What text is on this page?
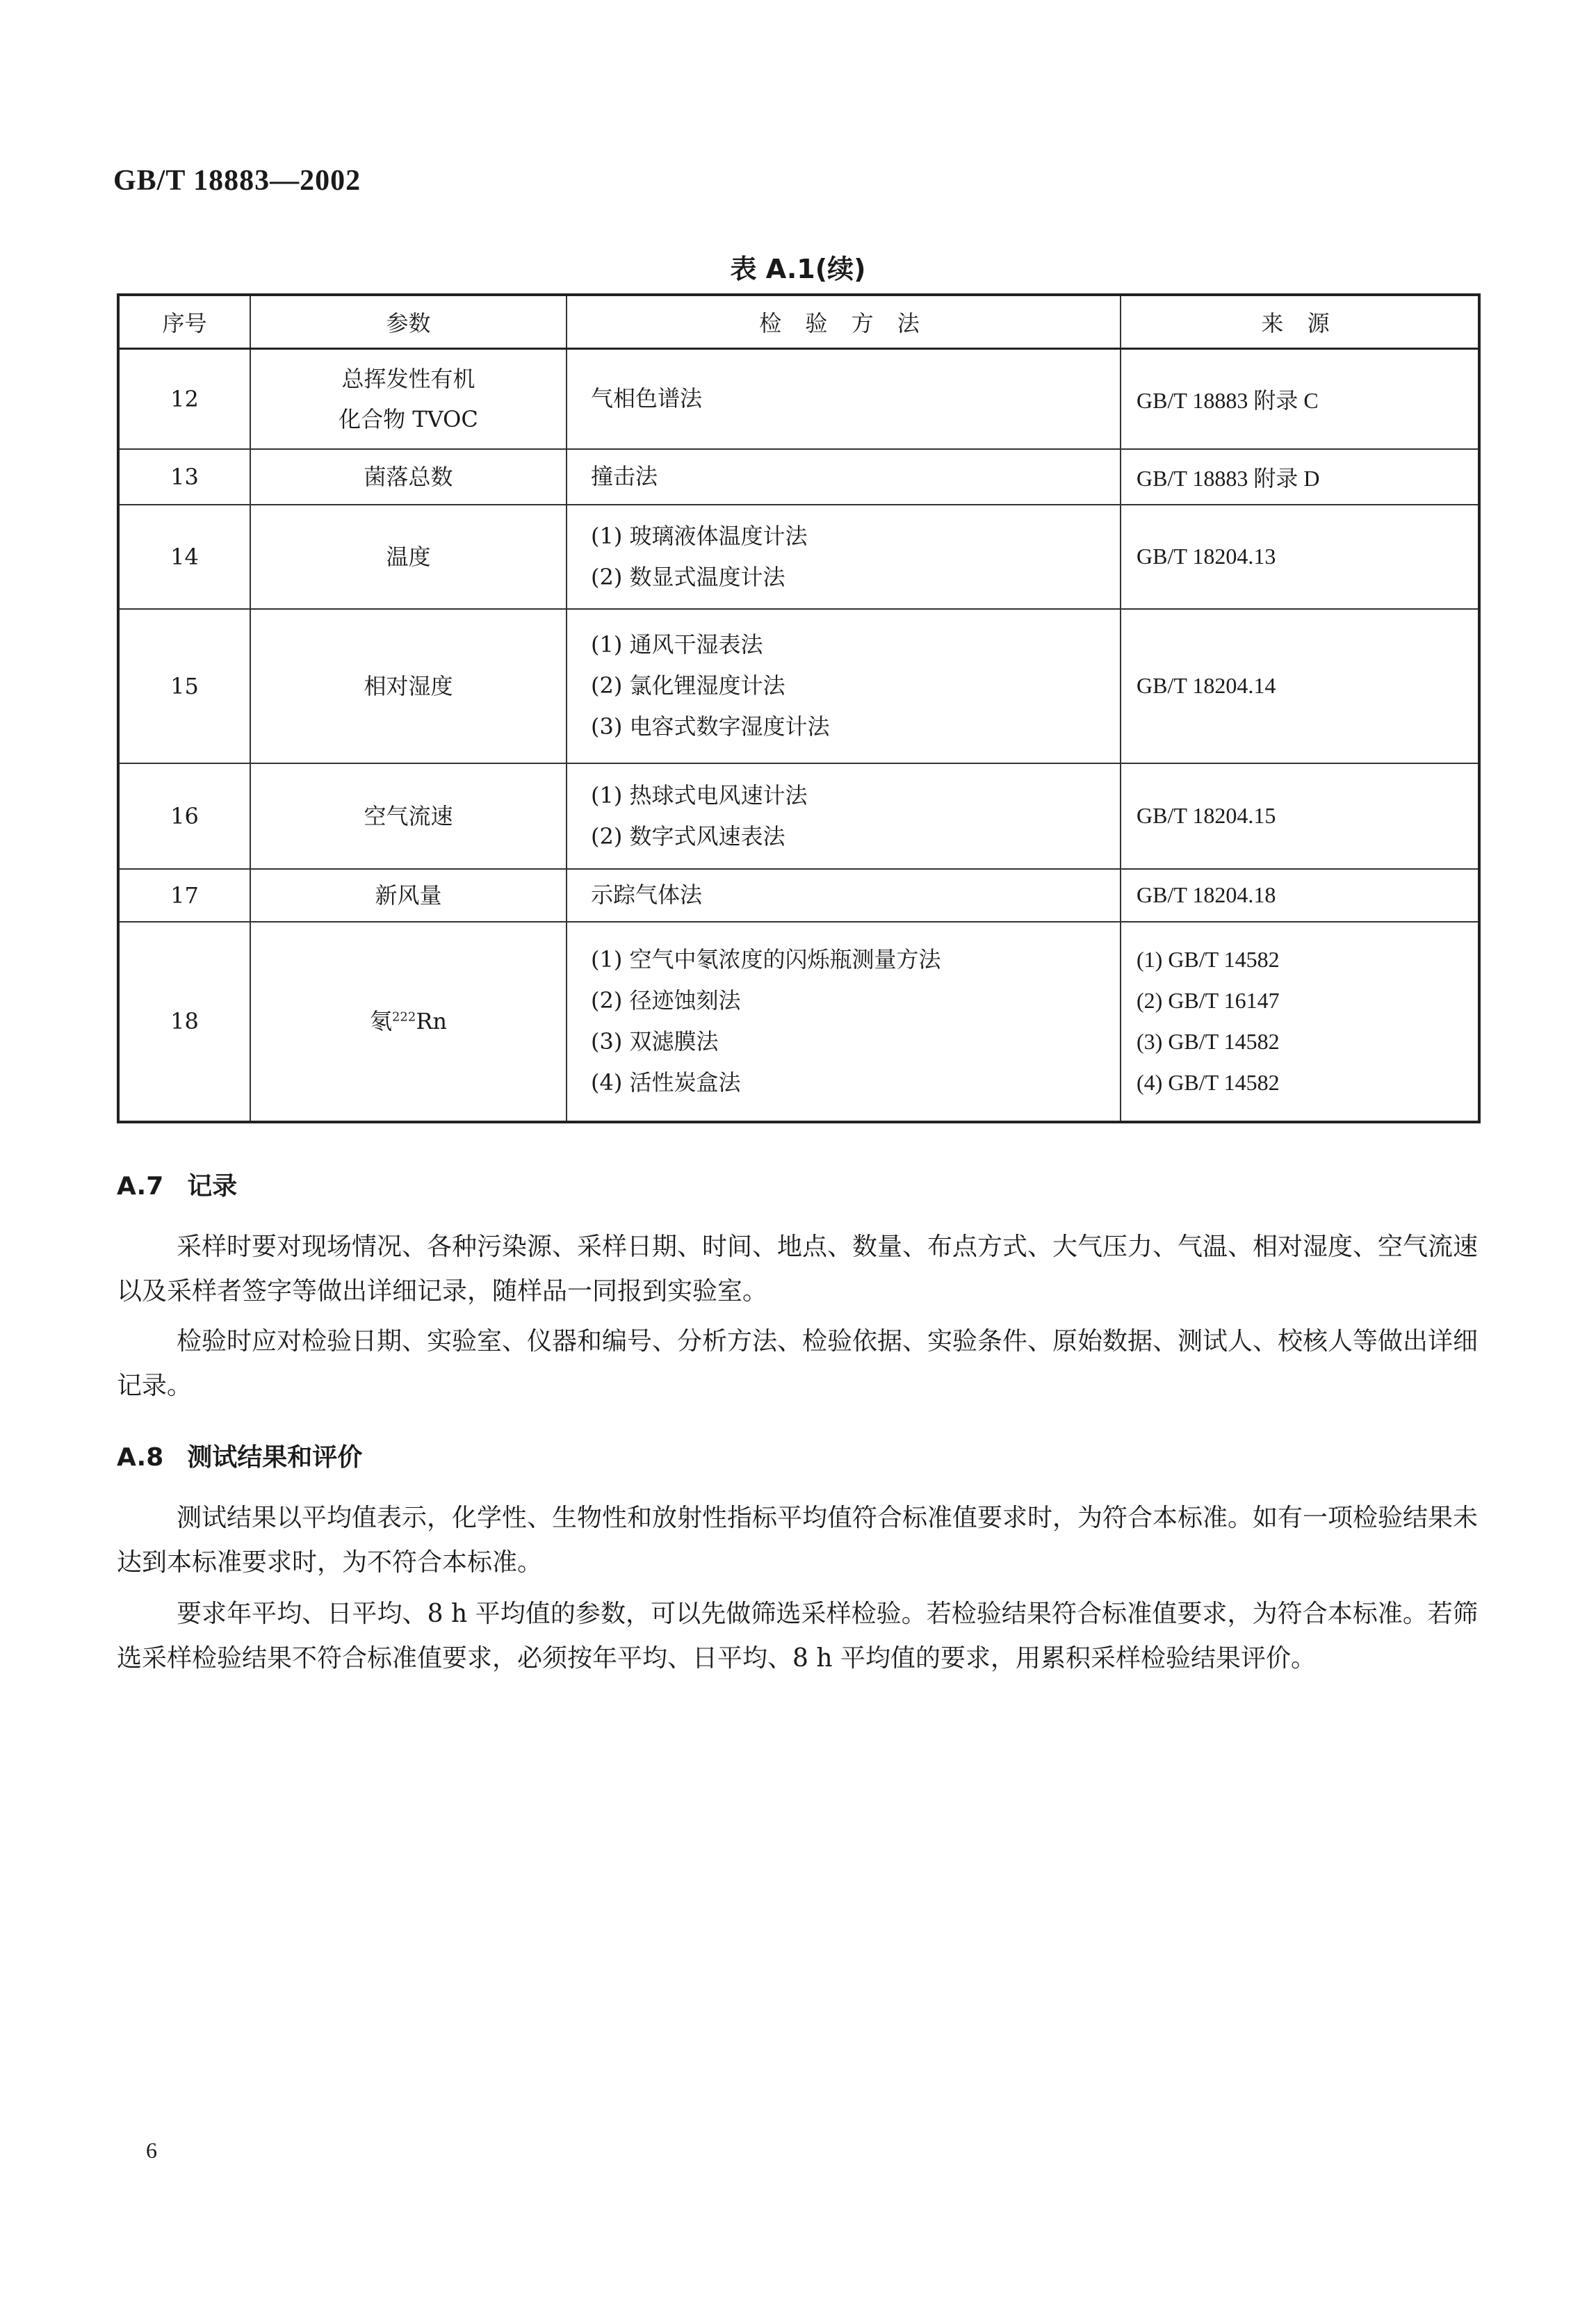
GB/T 18883—2002
表 A.1(续)
序号	参数	检 验 方 法	来 源
12	总挥发性有机
化合物 TVOC	气相色谱法	GB/T 18883 附录 C

13	菌落总数	撞击法	GB/T 18883 附录 D

14	温度	(1) 玻璃液体温度计法
(2) 数显式温度计法	GB/T 18204.13

15	相对湿度	(1) 通风干湿表法
(2) 氯化锂湿度计法
(3) 电容式数字湿度计法	GB/T 18204.14

16	空气流速	(1) 热球式电风速计法
(2) 数字式风速表法	GB/T 18204.15

17	新风量	示踪气体法	GB/T 18204.18

18	氡$^{222}$Rn	(1) 空气中氡浓度的闪烁瓶测量方法
(2) 径迹蚀刻法
(3) 双滤膜法
(4) 活性炭盒法	(1) GB/T 14582
(2) GB/T 16147
(3) GB/T 14582
(4) GB/T 14582
A.7 记录
采样时要对现场情况、各种污染源、采样日期、时间、地点、数量、布点方式、大气压力、气温、相对湿度、空气流速以及采样者签字等做出详细记录，随样品一同报到实验室。
检验时应对检验日期、实验室、仪器和编号、分析方法、检验依据、实验条件、原始数据、测试人、校核人等做出详细记录。
A.8 测试结果和评价
测试结果以平均值表示，化学性、生物性和放射性指标平均值符合标准值要求时，为符合本标准。如有一项检验结果未达到本标准要求时，为不符合本标准。
要求年平均、日平均、8 h 平均值的参数，可以先做筛选采样检验。若检验结果符合标准值要求，为符合本标准。若筛选采样检验结果不符合标准值要求，必须按年平均、日平均、8 h 平均值的要求，用累积采样检验结果评价。
6
